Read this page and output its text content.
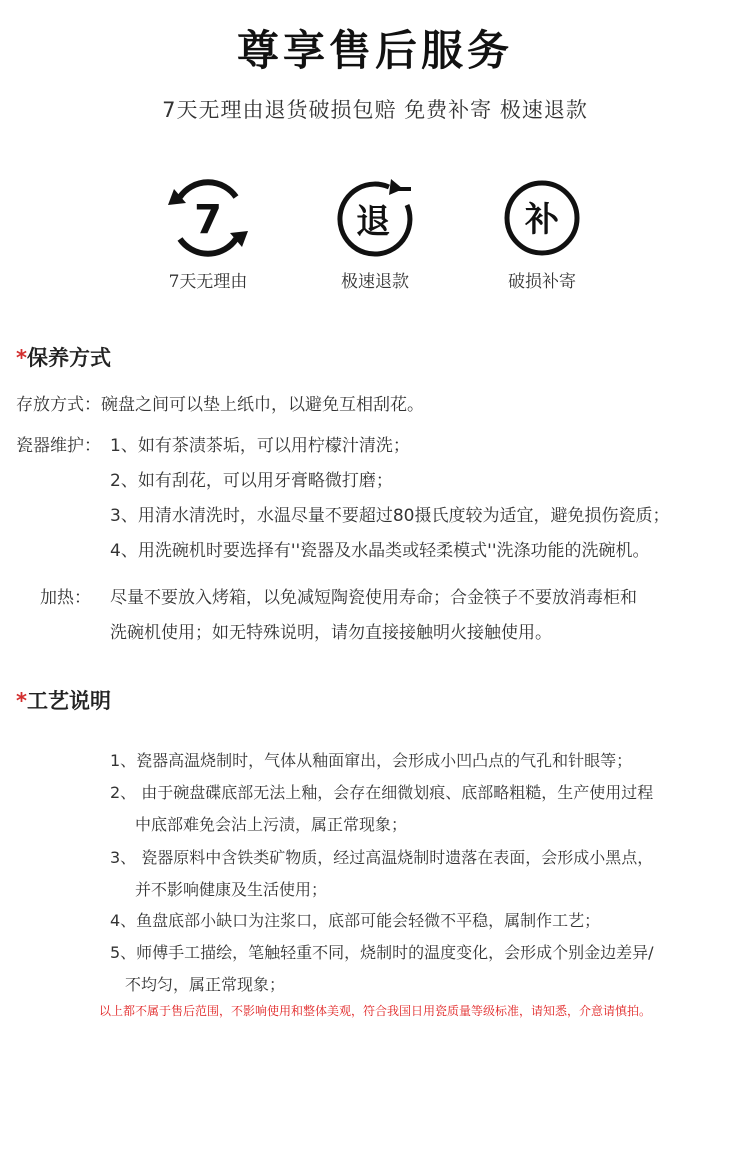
尊享售后服务
7天无理由退货破损包赔 免费补寄 极速退款
7
7天无理由
退
极速退款
补
破损补寄
*保养方式
存放方式：碗盘之间可以垫上纸巾，以避免互相刮花。
瓷器维护： 1、如有茶渍茶垢，可以用柠檬汁清洗；
2、如有刮花，可以用牙膏略微打磨；
3、用清水清洗时，水温尽量不要超过80摄氏度较为适宜，避免损伤瓷质；
4、用洗碗机时要选择有''瓷器及水晶类或轻柔模式''洗涤功能的洗碗机。
加热： 尽量不要放入烤箱，以免减短陶瓷使用寿命；合金筷子不要放消毒柜和
洗碗机使用；如无特殊说明，请勿直接接触明火接触使用。
*工艺说明
1、瓷器高温烧制时，气体从釉面窜出，会形成小凹凸点的气孔和针眼等；
2、 由于碗盘碟底部无法上釉，会存在细微划痕、底部略粗糙，生产使用过程
中底部难免会沾上污渍，属正常现象；
3、 瓷器原料中含铁类矿物质，经过高温烧制时遗落在表面，会形成小黑点，
并不影响健康及生活使用；
4、鱼盘底部小缺口为注浆口，底部可能会轻微不平稳，属制作工艺；
5、师傅手工描绘，笔触轻重不同，烧制时的温度变化，会形成个别金边差异/
不均匀，属正常现象；
以上都不属于售后范围，不影响使用和整体美观，符合我国日用瓷质量等级标准，请知悉，介意请慎拍。
